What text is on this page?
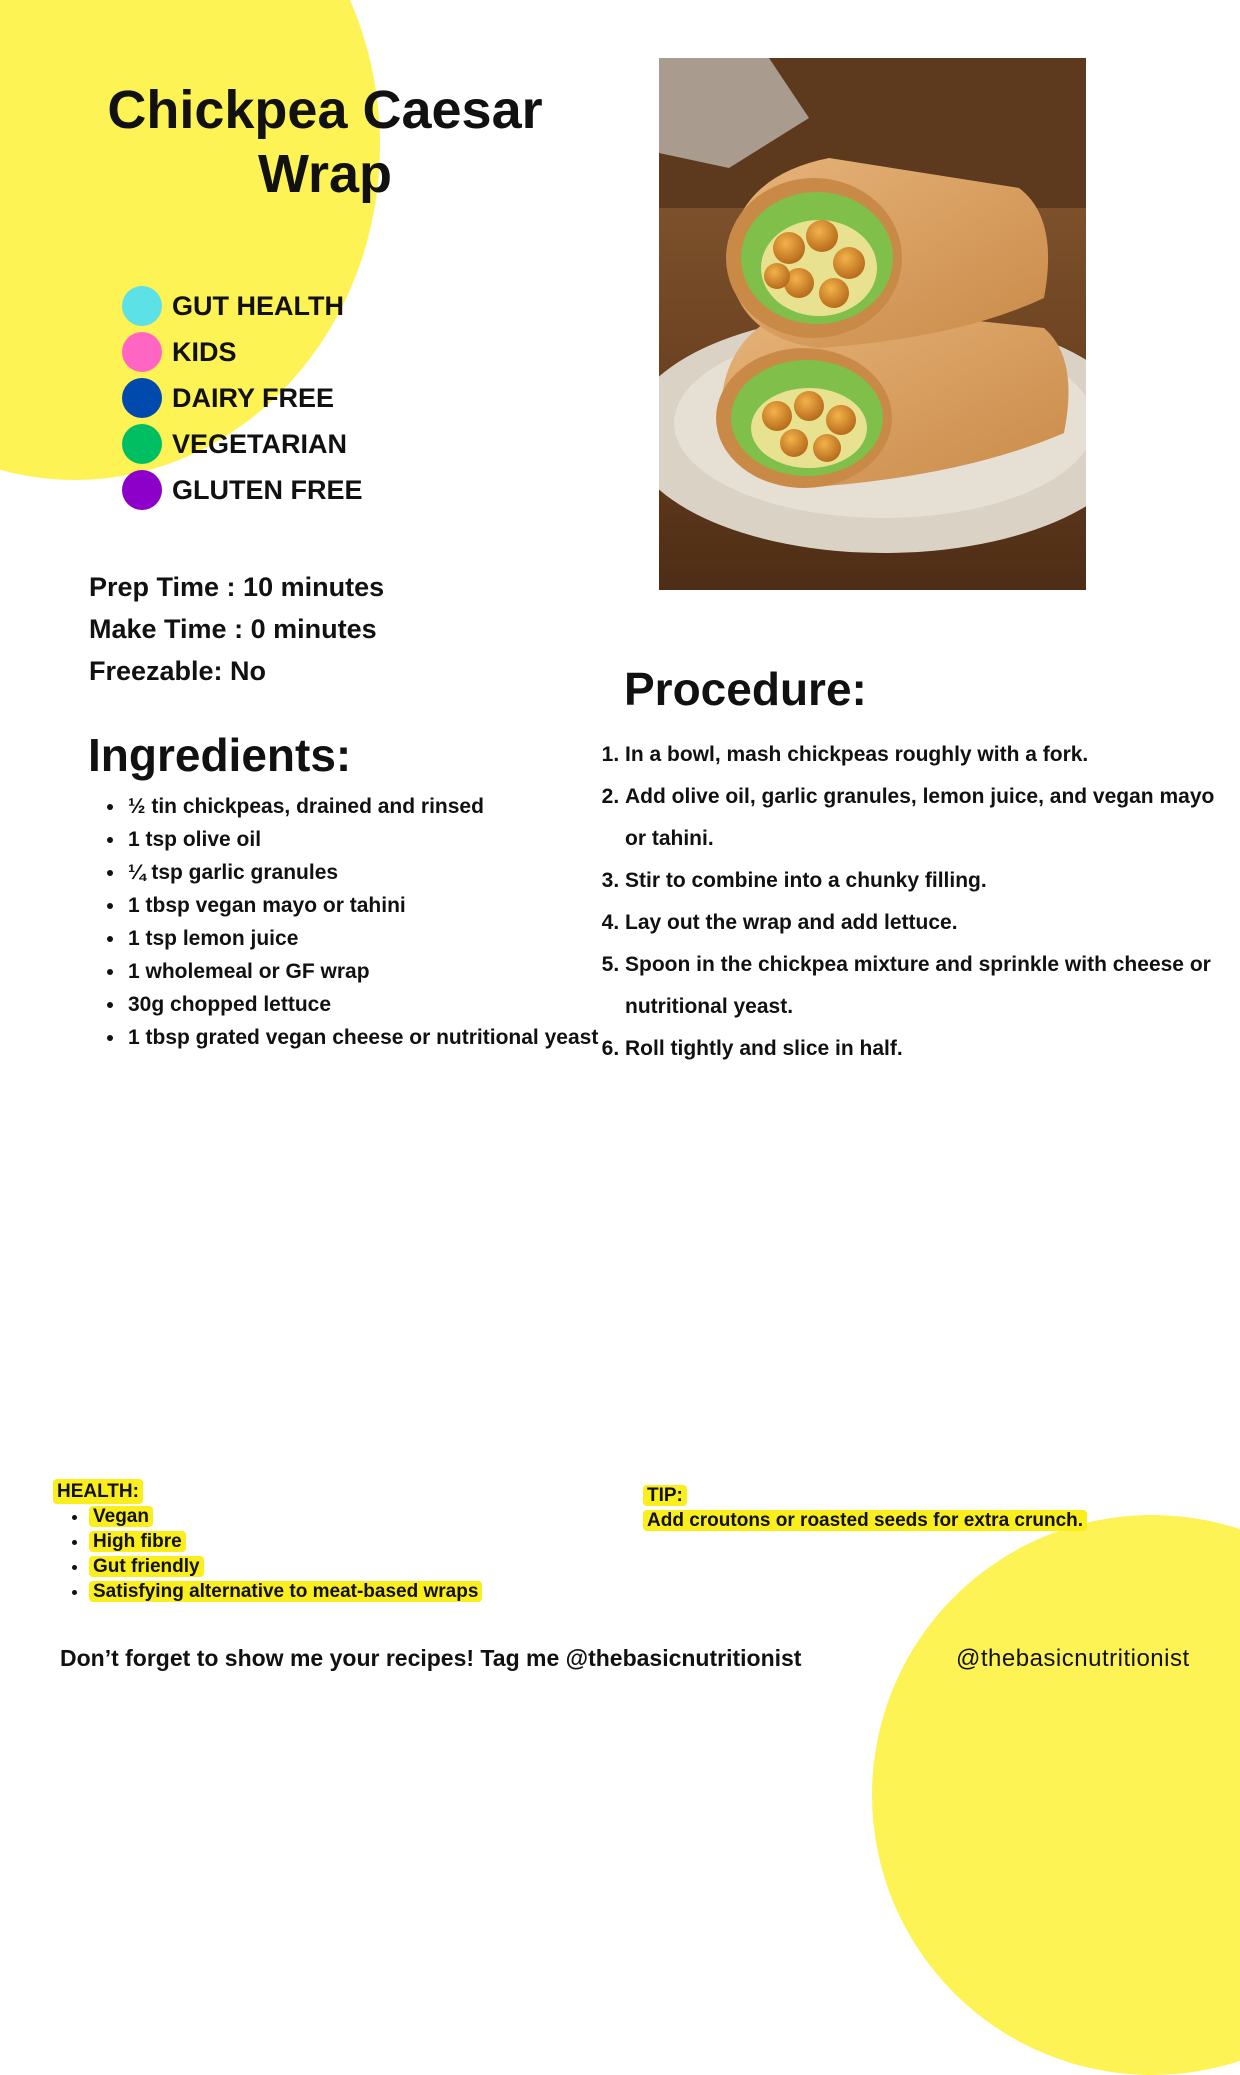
Chickpea Caesar
Wrap
GUT HEALTH
KIDS
DAIRY FREE
VEGETARIAN
GLUTEN FREE
Prep Time : 10 minutes
Make Time : 0 minutes
Freezable: No
Ingredients:
• ½ tin chickpeas, drained and rinsed
• 1 tsp olive oil
• ¼ tsp garlic granules
• 1 tbsp vegan mayo or tahini
• 1 tsp lemon juice
• 1 wholemeal or GF wrap
• 30g chopped lettuce
• 1 tbsp grated vegan cheese or nutritional yeast
Procedure:
1. In a bowl, mash chickpeas roughly with a fork.
2. Add olive oil, garlic granules, lemon juice, and vegan mayo or tahini.
3. Stir to combine into a chunky filling.
4. Lay out the wrap and add lettuce.
5. Spoon in the chickpea mixture and sprinkle with cheese or nutritional yeast.
6. Roll tightly and slice in half.
HEALTH:
• Vegan
• High fibre
• Gut friendly
• Satisfying alternative to meat-based wraps
TIP:
Add croutons or roasted seeds for extra crunch.
Don’t forget to show me your recipes! Tag me @thebasicnutritionist	@thebasicnutritionist
